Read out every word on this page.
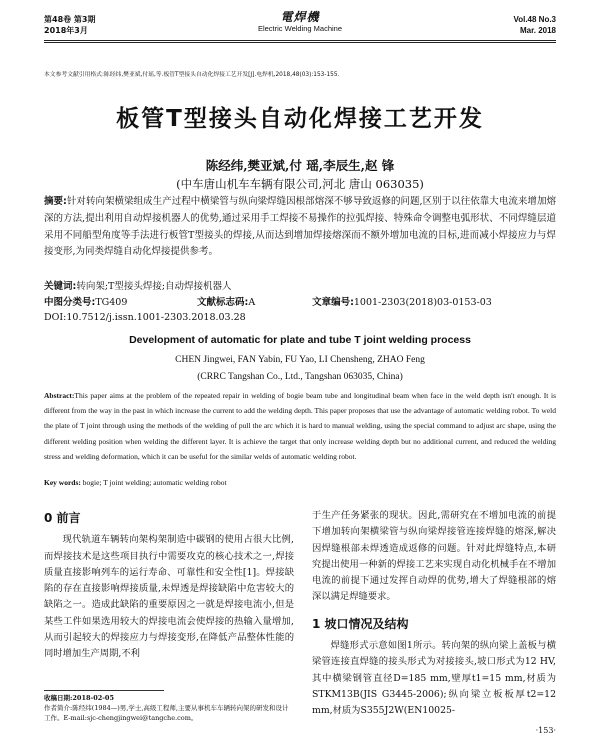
第48卷 第3期
2018年3月
電焊機
Electric Welding Machine
Vol.48 No.3
Mar. 2018
本文参考文献引用格式:陈经纬,樊亚斌,付瑶,等.板管T型接头自动化焊接工艺开发[J].电焊机,2018,48(03):153-155.
板管T型接头自动化焊接工艺开发
陈经纬,樊亚斌,付 瑶,李辰生,赵 锋
(中车唐山机车车辆有限公司,河北 唐山 063035)
摘要:针对转向架横梁组成生产过程中横梁管与纵向梁焊缝因根部熔深不够导致返修的问题,区别于以往依靠大电流来增加熔深的方法,提出利用自动焊接机器人的优势,通过采用手工焊接不易操作的拉弧焊接、特殊命令调整电弧形状、不同焊缝层道采用不同船型角度等手法进行板管T型接头的焊接,从而达到增加焊接熔深而不额外增加电流的目标,进而减小焊接应力与焊接变形,为同类焊缝自动化焊接提供参考。
关键词:转向架;T型接头焊接;自动焊接机器人
中图分类号:TG409	文献标志码:A	文章编号:1001-2303(2018)03-0153-03
DOI:10.7512/j.issn.1001-2303.2018.03.28
Development of automatic for plate and tube T joint welding process
CHEN Jingwei, FAN Yabin, FU Yao, LI Chensheng, ZHAO Feng
(CRRC Tangshan Co., Ltd., Tangshan 063035, China)
Abstract:This paper aims at the problem of the repeated repair in welding of bogie beam tube and longitudinal beam when face in the weld depth isn't enough. It is different from the way in the past in which increase the current to add the welding depth. This paper proposes that use the advantage of automatic welding robot. To weld the plate of T joint through using the methods of the welding of pull the arc which it is hard to manual welding, using the special command to adjust arc shape, using the different welding position when welding the different layer. It is achieve the target that only increase welding depth but no additional current, and reduced the welding stress and welding deformation, which it can be useful for the similar welds of automatic welding robot.
Key words: bogie; T joint welding; automatic welding robot
0 前言

现代轨道车辆转向架构架制造中碳钢的使用占很大比例,而焊接技术是这些项目执行中需要攻克的核心技术之一,焊接质量直接影响列车的运行寿命、可靠性和安全性[1]。焊接缺陷的存在直接影响焊接质量,未焊透是焊接缺陷中危害较大的缺陷之一。造成此缺陷的重要原因之一就是焊接电流小,但是某些工件如果选用较大的焊接电流会使焊接的热输入量增加,从而引起较大的焊接应力与焊接变形,在降低产品整体性能的同时增加生产周期,不利

于生产任务紧张的现状。因此,需研究在不增加电流的前提下增加转向架横梁管与纵向梁焊接管连接焊缝的熔深,解决因焊缝根部未焊透造成返修的问题。针对此焊缝特点,本研究提出使用一种新的焊接工艺来实现自动化机械手在不增加电流的前提下通过发挥自动焊的优势,增大了焊缝根部的熔深以满足焊缝要求。

1 坡口情况及结构

焊缝形式示意如图1所示。转向架的纵向梁上盖板与横梁管连接直焊缝的接头形式为对接接头,坡口形式为12 HV,其中横梁钢管直径D=185 mm,壁厚t1=15 mm,材质为STKM13B(JIS G3445-2006);纵向梁立板板厚t2=12 mm,材质为S355J2W(EN10025-

收稿日期:2018-02-05
作者简介:陈经纬(1984—)男,学士,高级工程师,主要从事机车车辆转向架的研发和设计工作。E-mail:sjc-chengjingwei@tangche.com。
·153·
